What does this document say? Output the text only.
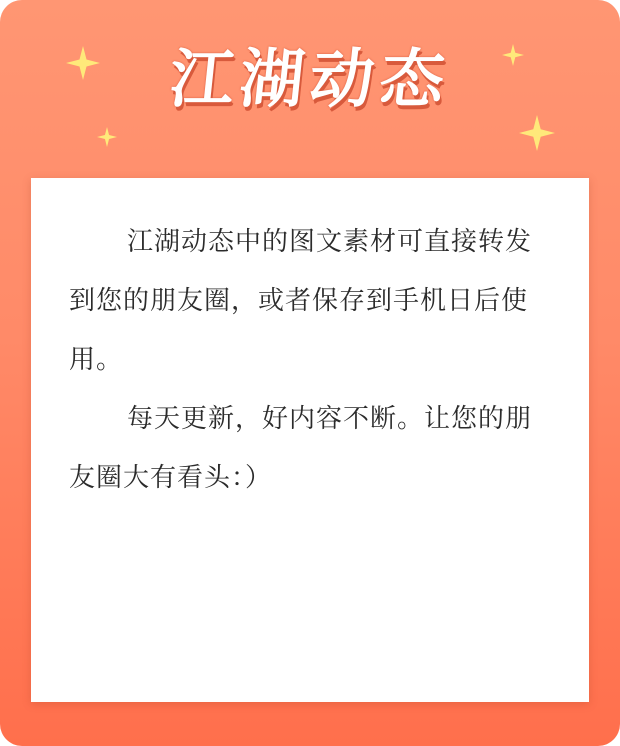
江湖动态

江湖动态中的图文素材可直接转发到您的朋友圈，或者保存到手机日后使用。

每天更新，好内容不断。让您的朋友圈大有看头：）
